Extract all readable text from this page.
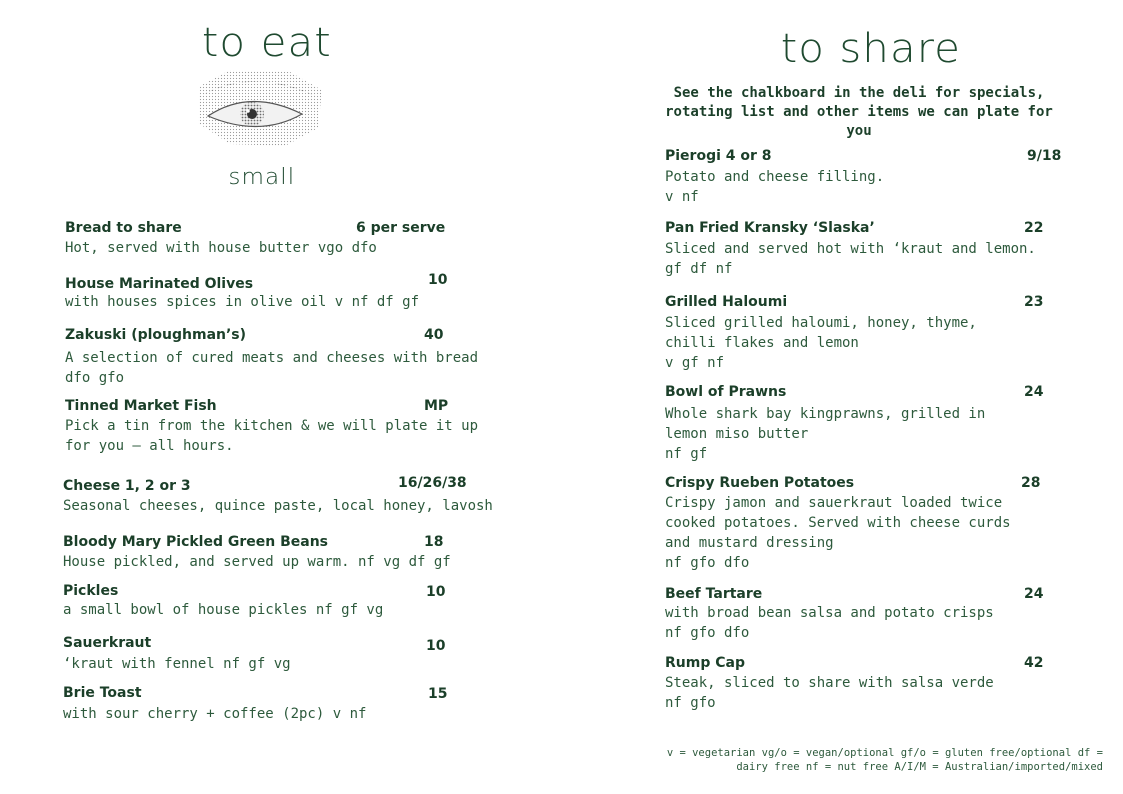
to eat
small
Bread to share	6 per serve
Hot, served with house butter vgo dfo
House Marinated Olives	10
with houses spices in olive oil v nf df gf
Zakuski (ploughman’s)	40
A selection of cured meats and cheeses with bread
dfo gfo
Tinned Market Fish	MP
Pick a tin from the kitchen & we will plate it up
for you — all hours.
Cheese 1, 2 or 3	16/26/38
Seasonal cheeses, quince paste, local honey, lavosh
Bloody Mary Pickled Green Beans	18
House pickled, and served up warm. nf vg df gf
Pickles	10
a small bowl of house pickles nf gf vg
Sauerkraut	10
‘kraut with fennel nf gf vg
Brie Toast	15
with sour cherry + coffee (2pc) v nf
to share
See the chalkboard in the deli for specials,
rotating list and other items we can plate for you
Pierogi 4 or 8	9/18
Potato and cheese filling.
v nf
Pan Fried Kransky ‘Slaska’	22
Sliced and served hot with ‘kraut and lemon.
gf df nf
Grilled Haloumi	23
Sliced grilled haloumi, honey, thyme,
chilli flakes and lemon
v gf nf
Bowl of Prawns	24
Whole shark bay kingprawns, grilled in
lemon miso butter
nf gf
Crispy Rueben Potatoes	28
Crispy jamon and sauerkraut loaded twice
cooked potatoes. Served with cheese curds
and mustard dressing
nf gfo dfo
Beef Tartare	24
with broad bean salsa and potato crisps
nf gfo dfo
Rump Cap	42
Steak, sliced to share with salsa verde
nf gfo
v = vegetarian vg/o = vegan/optional gf/o = gluten free/optional df =
dairy free nf = nut free A/I/M = Australian/imported/mixed
